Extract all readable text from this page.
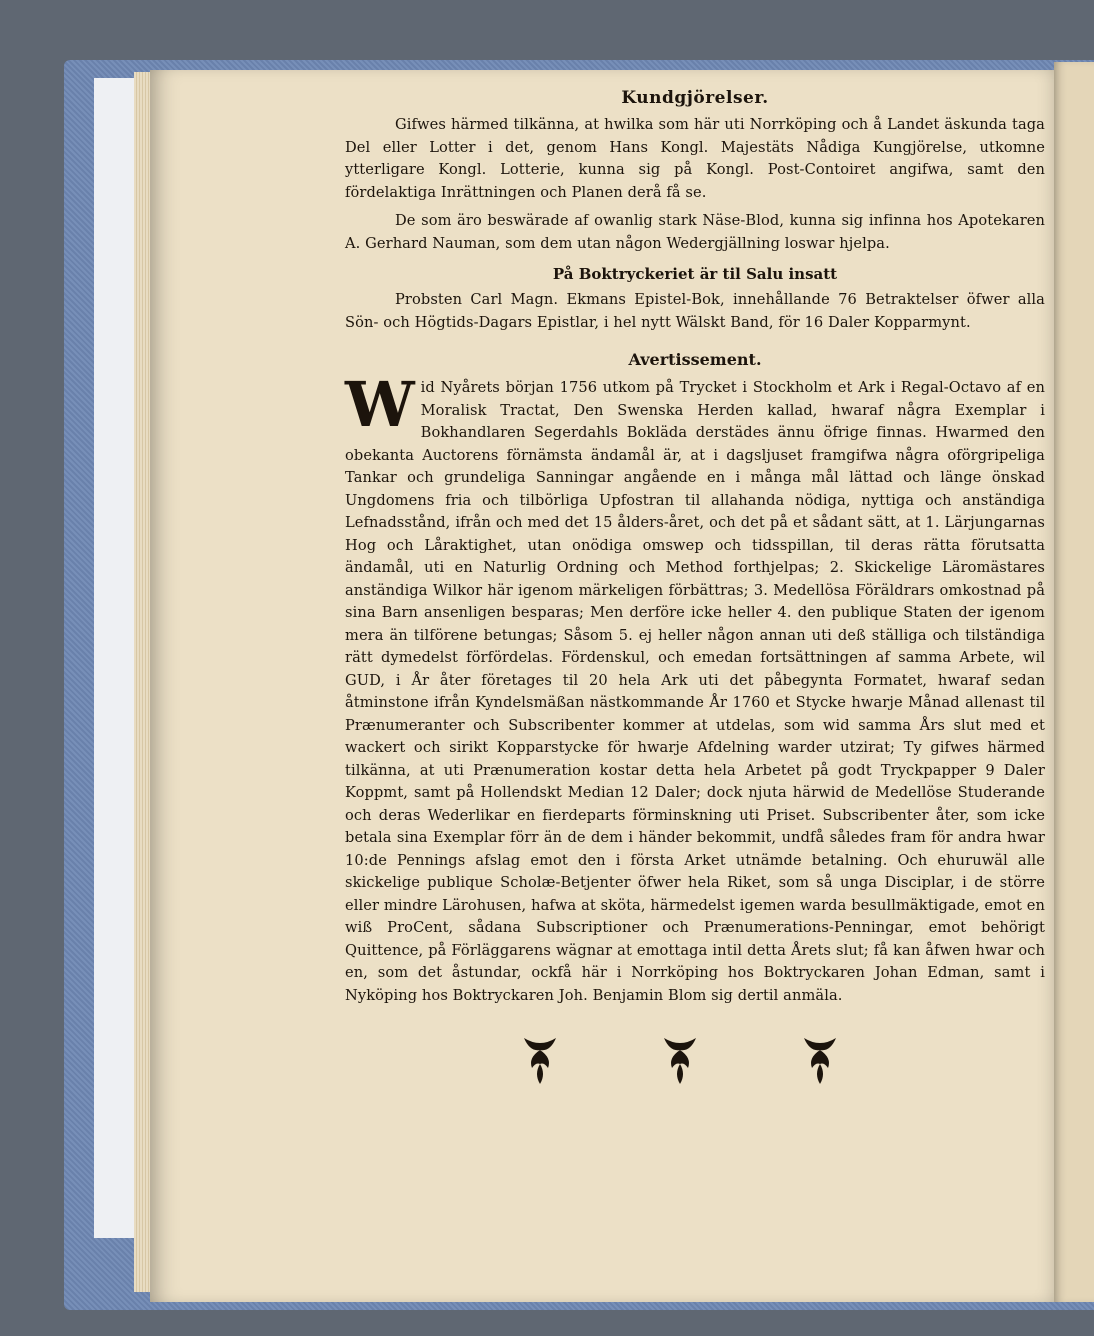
Kundgjörelser.

Gifwes härmed tilkänna, at hwilka som här uti Norrköping och å Landet äskunda taga Del eller Lotter i det, genom Hans Kongl. Majestäts Nådiga Kungjörelse, utkomne ytterligare Kongl. Lotterie, kunna sig på Kongl. Post-Contoiret angifwa, samt den fördelaktiga Inrättningen och Planen derå få se.

De som äro beswärade af owanlig stark Näse-Blod, kunna sig infinna hos Apotekaren A. Gerhard Nauman, som dem utan någon Wedergjällning loswar hjelpa.

På Boktryckeriet är til Salu insatt

Probsten Carl Magn. Ekmans Epistel-Bok, innehållande 76 Betraktelser öfwer alla Sön- och Högtids-Dagars Epistlar, i hel nytt Wälskt Band, för 16 Daler Kopparmynt.

Avertissement.
W id Nyårets början 1756 utkom på Trycket i Stockholm et Ark i Regal-Octavo af en Moralisk Tractat, Den Swenska Herden kallad, hwaraf några Exemplar i Bokhandlaren Segerdahls Bokläda derstädes ännu öfrige finnas. Hwarmed den obekanta Auctorens förnämsta ändamål är, at i dagsljuset framgifwa några oförgripeliga Tankar och grundeliga Sanningar angående en i många mål lättad och länge önskad Ungdomens fria och tilbörliga Upfostran til allahanda nödiga, nyttiga och anständiga Lefnadsstånd, ifrån och med det 15 ålders-året, och det på et sådant sätt, at 1. Lärjungarnas Hog och Låraktighet, utan onödiga omswep och tidsspillan, til deras rätta förutsatta ändamål, uti en Naturlig Ordning och Method forthjelpas; 2. Skickelige Läromästares anständiga Wilkor här igenom märkeligen förbättras; 3. Medellösa Föräldrars omkostnad på sina Barn ansenligen besparas; Men derföre icke heller 4. den publique Staten der igenom mera än tilförene betungas; Såsom 5. ej heller någon annan uti deß ställiga och tilständiga rätt dymedelst förfördelas. Fördenskul, och emedan fortsättningen af samma Arbete, wil GUD, i År åter företages til 20 hela Ark uti det påbegynta Formatet, hwaraf sedan åtminstone ifrån Kyndelsmäßan nästkommande År 1760 et Stycke hwarje Månad allenast til Prænumeranter och Subscribenter kommer at utdelas, som wid samma Års slut med et wackert och sirikt Kopparstycke för hwarje Afdelning warder utzirat; Ty gifwes härmed tilkänna, at uti Prænumeration kostar detta hela Arbetet på godt Tryckpapper 9 Daler Koppmt, samt på Hollendskt Median 12 Daler; dock njuta härwid de Medellöse Studerande och deras Wederlikar en fierdeparts förminskning uti Priset. Subscribenter åter, som icke betala sina Exemplar förr än de dem i händer bekommit, undfå således fram för andra hwar 10:de Pennings afslag emot den i första Arket utnämde betalning. Och ehuruwäl alle skickelige publique Scholæ-Betjenter öfwer hela Riket, som så unga Disciplar, i de större eller mindre Lärohusen, hafwa at sköta, härmedelst igemen warda besullmäktigade, emot en wiß ProCent, sådana Subscriptioner och Prænumerations-Penningar, emot behörigt Quittence, på Förläggarens wägnar at emottaga intil detta Årets slut; få kan åfwen hwar och en, som det åstundar, ockfå här i Norrköping hos Boktryckaren Johan Edman, samt i Nyköping hos Boktryckaren Joh. Benjamin Blom sig dertil anmäla.
